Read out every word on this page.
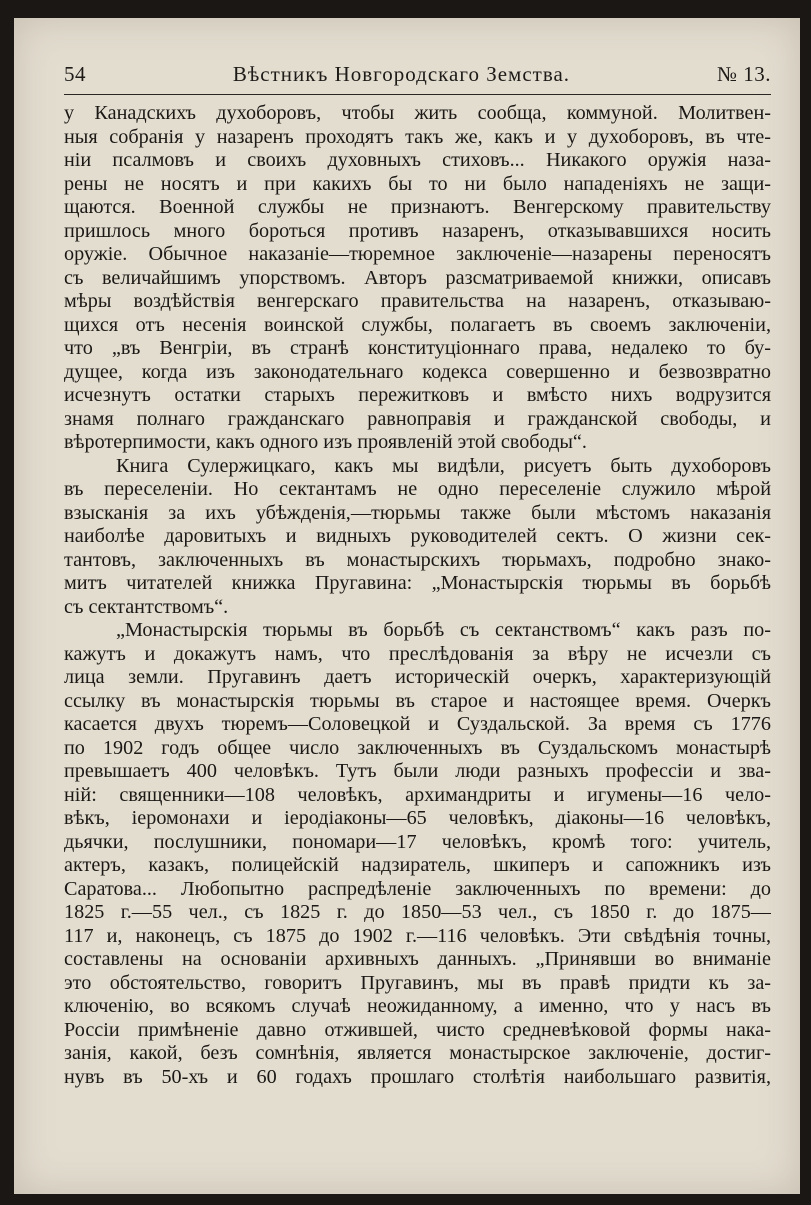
54	Вѣстникъ Новгородскаго Земства.	№ 13.
у Канадскихъ духоборовъ, чтобы жить сообща, коммуной. Молитвен-
ныя собранія у назаренъ проходятъ такъ же, какъ и у духоборовъ, въ чте-
ніи псалмовъ и своихъ духовныхъ стиховъ... Никакого оружія наза-
рены не носятъ и при какихъ бы то ни было нападеніяхъ не защи-
щаются. Военной службы не признаютъ. Венгерскому правительству
пришлось много бороться противъ назаренъ, отказывавшихся носить
оружіе. Обычное наказаніе—тюремное заключеніе—назарены переносятъ
съ величайшимъ упорствомъ. Авторъ разсматриваемой книжки, описавъ
мѣры воздѣйствія венгерскаго правительства на назаренъ, отказываю-
щихся отъ несенія воинской службы, полагаетъ въ своемъ заключеніи,
что „въ Венгріи, въ странѣ конституціоннаго права, недалеко то бу-
дущее, когда изъ законодательнаго кодекса совершенно и безвозвратно
исчезнутъ остатки старыхъ пережитковъ и вмѣсто нихъ водрузится
знамя полнаго гражданскаго равноправія и гражданской свободы, и
вѣротерпимости, какъ одного изъ проявленій этой свободы“.
Книга Сулержицкаго, какъ мы видѣли, рисуетъ быть духоборовъ
въ переселеніи. Но сектантамъ не одно переселеніе служило мѣрой
взысканія за ихъ убѣжденія,—тюрьмы также были мѣстомъ наказанія
наиболѣе даровитыхъ и видныхъ руководителей сектъ. О жизни сек-
тантовъ, заключенныхъ въ монастырскихъ тюрьмахъ, подробно знако-
митъ читателей книжка Пругавина: „Монастырскія тюрьмы въ борьбѣ
съ сектантствомъ“.
„Монастырскія тюрьмы въ борьбѣ съ сектанствомъ“ какъ разъ по-
кажутъ и докажутъ намъ, что преслѣдованія за вѣру не исчезли съ
лица земли. Пругавинъ даетъ историческій очеркъ, характеризующій
ссылку въ монастырскія тюрьмы въ старое и настоящее время. Очеркъ
касается двухъ тюремъ—Соловецкой и Суздальской. За время съ 1776
по 1902 годъ общее число заключенныхъ въ Суздальскомъ монастырѣ
превышаетъ 400 человѣкъ. Тутъ были люди разныхъ профессіи и зва-
ній: священники—108 человѣкъ, архимандриты и игумены—16 чело-
вѣкъ, іеромонахи и іеродіаконы—65 человѣкъ, діаконы—16 человѣкъ,
дьячки, послушники, пономари—17 человѣкъ, кромѣ того: учитель,
актеръ, казакъ, полицейскій надзиратель, шкиперъ и сапожникъ изъ
Саратова... Любопытно распредѣленіе заключенныхъ по времени: до
1825 г.—55 чел., съ 1825 г. до 1850—53 чел., съ 1850 г. до 1875—
117 и, наконецъ, съ 1875 до 1902 г.—116 человѣкъ. Эти свѣдѣнія точны,
составлены на основаніи архивныхъ данныхъ. „Принявши во вниманіе
это обстоятельство, говоритъ Пругавинъ, мы въ правѣ придти къ за-
ключенію, во всякомъ случаѣ неожиданному, а именно, что у насъ въ
Россіи примѣненіе давно отжившей, чисто средневѣковой формы нака-
занія, какой, безъ сомнѣнія, является монастырское заключеніе, достиг-
нувъ въ 50-хъ и 60 годахъ прошлаго столѣтія наибольшаго развитія,
